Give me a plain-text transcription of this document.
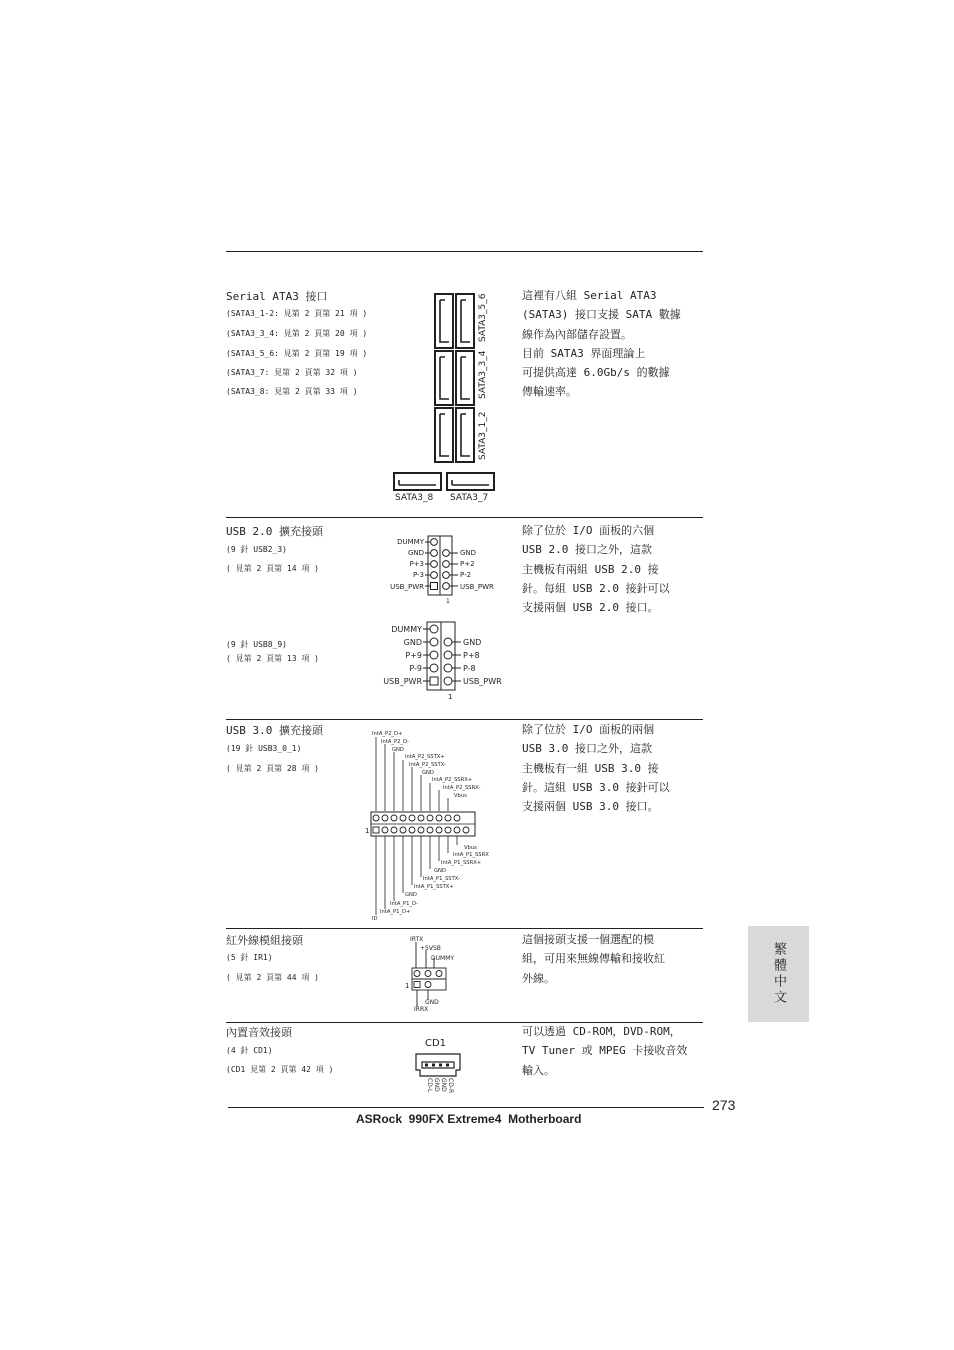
Serial ATA3 接口
(SATA3_1-2: 見第 2 頁第 21 項 )
(SATA3_3_4: 見第 2 頁第 20 項 )
(SATA3_5_6: 見第 2 頁第 19 項 )
(SATA3_7: 見第 2 頁第 32 項 )
(SATA3_8: 見第 2 頁第 33 項 )
這裡有八組 Serial ATA3
(SATA3) 接口支援 SATA 數據
線作為內部儲存設置。
目前 SATA3 界面理論上
可提供高達 6.0Gb/s 的數據
傳輸速率。
SATA3_5_6
SATA3_3_4
SATA3_1_2
SATA3_8 SATA3_7
USB 2.0 擴充接頭
(9 針 USB2_3)
( 見第 2 頁第 14 項 )
(9 針 USB8_9)
( 見第 2 頁第 13 項 )
除了位於 I/O 面板的六個
USB 2.0 接口之外，這款
主機板有兩組 USB 2.0 接
針。每組 USB 2.0 接針可以
支援兩個 USB 2.0 接口。
DUMMY
GND
P+3
P-3
USB_PWR
GND
P+2
P-2
USB_PWR
1
DUMMY
GND
P+9
P-9
USB_PWR
GND
P+8
P-8
USB_PWR
1
USB 3.0 擴充接頭
(19 針 USB3_0_1)
( 見第 2 頁第 28 項 )
除了位於 I/O 面板的兩個
USB 3.0 接口之外，這款
主機板有一組 USB 3.0 接
針。這組 USB 3.0 接針可以
支援兩個 USB 3.0 接口。
IntA_P2_D+
IntA_P2_D-
GND
IntA_P2_SSTX+
IntA_P2_SSTX-
GND
IntA_P2_SSRX+
IntA_P2_SSRX-
Vbus
Vbus
IntA_P1_SSRX
IntA_P1_SSRX+
GND
IntA_P1_SSTX-
IntA_P1_SSTX+
GND
IntA_P1_D-
IntA_P1_D+
ID
1
紅外線模組接頭
(5 針 IR1)
( 見第 2 頁第 44 項 )
這個接頭支援一個選配的模
組，可用來無線傳輸和接收紅
外線。
IRTX
+5VSB
DUMMY
GND
IRRX
1
內置音效接頭
(4 針 CD1)
(CD1 見第 2 頁第 42 項 )
可以透過 CD-ROM，DVD-ROM，
TV Tuner 或 MPEG 卡接收音效
輸入。
CD1
CD-L GND GND CD-R
繁體中文
273
ASRock  990FX Extreme4  Motherboard
